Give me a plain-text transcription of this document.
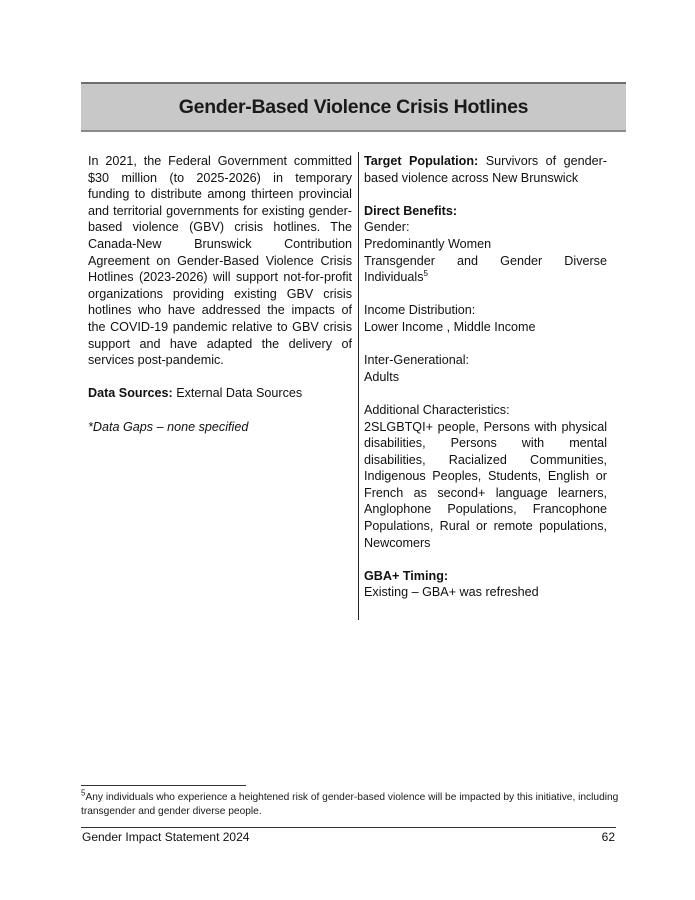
Gender-Based Violence Crisis Hotlines

In 2021, the Federal Government committed $30 million (to 2025-2026) in temporary funding to distribute among thirteen provincial and territorial governments for existing gender-based violence (GBV) crisis hotlines. The Canada-New Brunswick Contribution Agreement on Gender-Based Violence Crisis Hotlines (2023-2026) will support not-for-profit organizations providing existing GBV crisis hotlines who have addressed the impacts of the COVID-19 pandemic relative to GBV crisis support and have adapted the delivery of services post-pandemic.

Data Sources: External Data Sources

*Data Gaps – none specified

Target Population: Survivors of gender-based violence across New Brunswick

Direct Benefits:

Gender:

Predominantly Women

Transgender and Gender Diverse

Individuals$^5$

Income Distribution:

Lower Income , Middle Income

Inter-Generational:

Adults

Additional Characteristics:

2SLGBTQI+ people, Persons with physical disabilities, Persons with mental disabilities, Racialized Communities, Indigenous Peoples, Students, English or French as second+ language learners, Anglophone Populations, Francophone Populations, Rural or remote populations, Newcomers

GBA+ Timing:

Existing – GBA+ was refreshed

$^5$Any individuals who experience a heightened risk of gender-based violence will be impacted by this initiative, including transgender and gender diverse people.
Gender Impact Statement 2024	62
